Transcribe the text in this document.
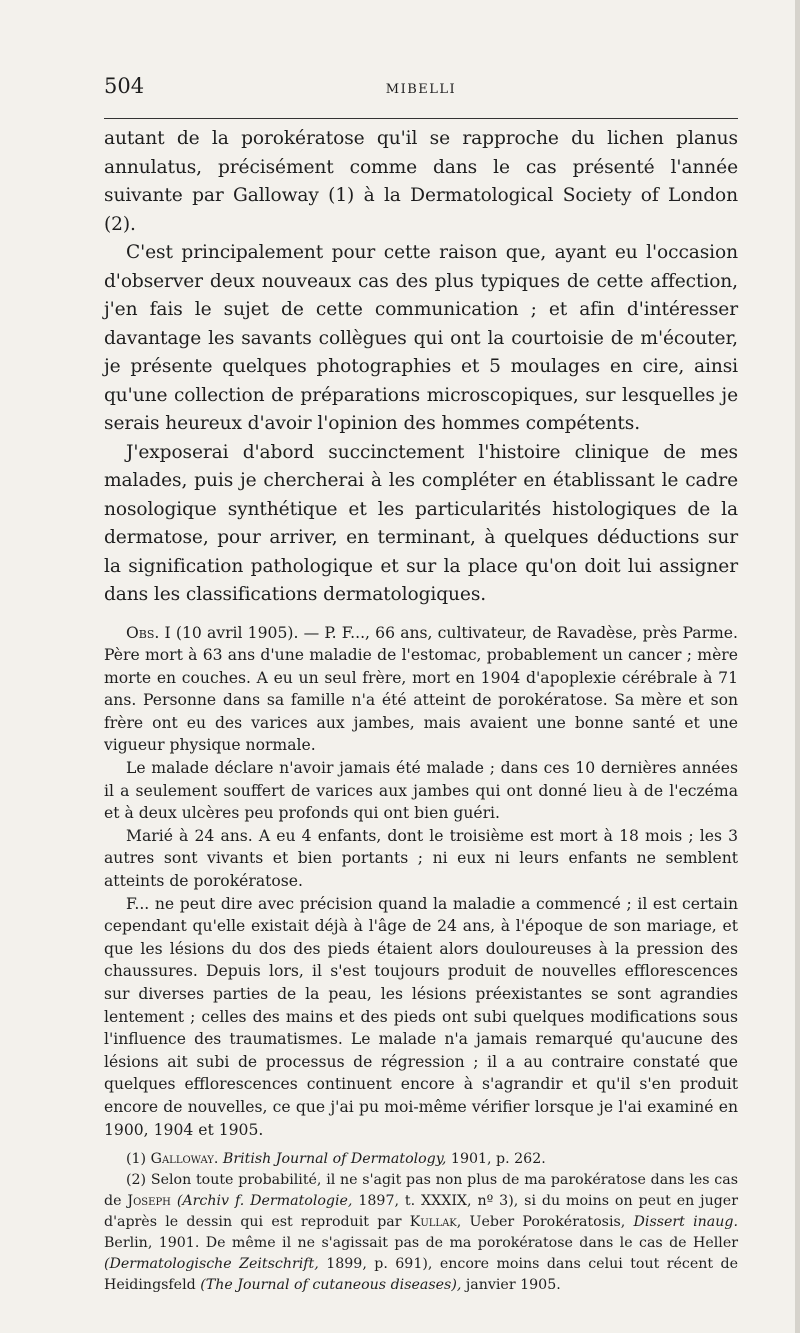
504	MIBELLI

autant de la porokératose qu'il se rapproche du lichen planus annulatus, précisément comme dans le cas présenté l'année suivante par Galloway (1) à la Dermatological Society of London (2).

C'est principalement pour cette raison que, ayant eu l'occasion d'observer deux nouveaux cas des plus typiques de cette affection, j'en fais le sujet de cette communication ; et afin d'intéresser davantage les savants collègues qui ont la courtoisie de m'écouter, je présente quelques photographies et 5 moulages en cire, ainsi qu'une collection de préparations microscopiques, sur lesquelles je serais heureux d'avoir l'opinion des hommes compétents.

J'exposerai d'abord succinctement l'histoire clinique de mes malades, puis je chercherai à les compléter en établissant le cadre nosologique synthétique et les particularités histologiques de la dermatose, pour arriver, en terminant, à quelques déductions sur la signification pathologique et sur la place qu'on doit lui assigner dans les classifications dermatologiques.

Obs. I (10 avril 1905). — P. F..., 66 ans, cultivateur, de Ravadèse, près Parme. Père mort à 63 ans d'une maladie de l'estomac, probablement un cancer ; mère morte en couches. A eu un seul frère, mort en 1904 d'apoplexie cérébrale à 71 ans. Personne dans sa famille n'a été atteint de porokératose. Sa mère et son frère ont eu des varices aux jambes, mais avaient une bonne santé et une vigueur physique normale.

Le malade déclare n'avoir jamais été malade ; dans ces 10 dernières années il a seulement souffert de varices aux jambes qui ont donné lieu à de l'eczéma et à deux ulcères peu profonds qui ont bien guéri.

Marié à 24 ans. A eu 4 enfants, dont le troisième est mort à 18 mois ; les 3 autres sont vivants et bien portants ; ni eux ni leurs enfants ne semblent atteints de porokératose.

F... ne peut dire avec précision quand la maladie a commencé ; il est certain cependant qu'elle existait déjà à l'âge de 24 ans, à l'époque de son mariage, et que les lésions du dos des pieds étaient alors douloureuses à la pression des chaussures. Depuis lors, il s'est toujours produit de nouvelles efflorescences sur diverses parties de la peau, les lésions préexistantes se sont agrandies lentement ; celles des mains et des pieds ont subi quelques modifications sous l'influence des traumatismes. Le malade n'a jamais remarqué qu'aucune des lésions ait subi de processus de régression ; il a au contraire constaté que quelques efflorescences continuent encore à s'agrandir et qu'il s'en produit encore de nouvelles, ce que j'ai pu moi-même vérifier lorsque je l'ai examiné en 1900, 1904 et 1905.

(1) Galloway. British Journal of Dermatology, 1901, p. 262.

(2) Selon toute probabilité, il ne s'agit pas non plus de ma parokératose dans les cas de Joseph (Archiv f. Dermatologie, 1897, t. XXXIX, nº 3), si du moins on peut en juger d'après le dessin qui est reproduit par Kullak, Ueber Porokératosis, Dissert inaug. Berlin, 1901. De même il ne s'agissait pas de ma porokératose dans le cas de Heller (Dermatologische Zeitschrift, 1899, p. 691), encore moins dans celui tout récent de Heidingsfeld (The Journal of cutaneous diseases), janvier 1905.
